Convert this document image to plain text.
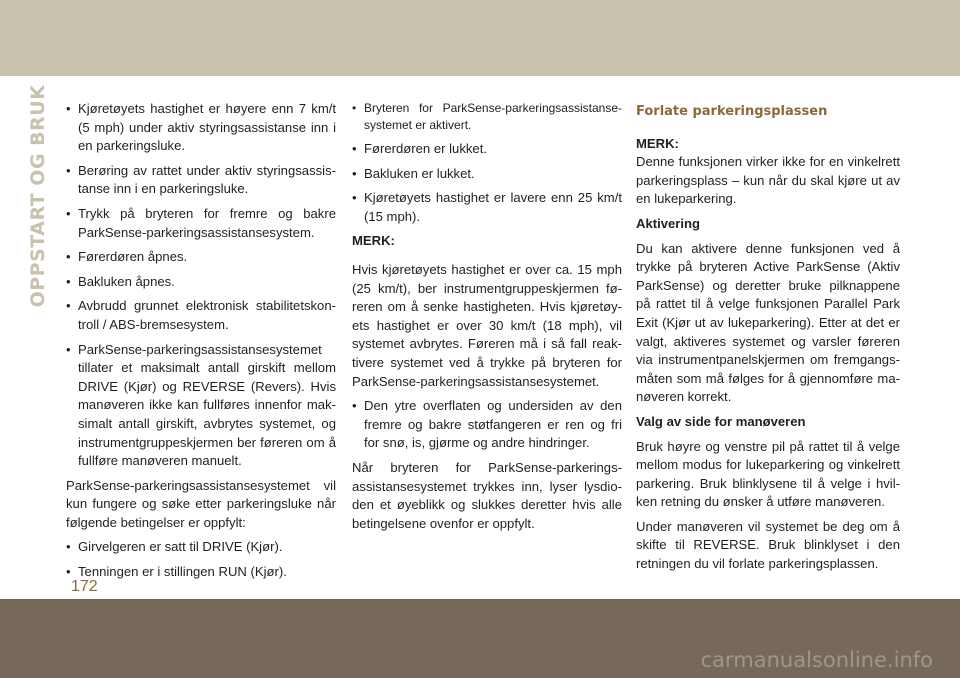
OPPSTART OG BRUK
•	Kjøretøyets hastighet er høyere enn 7 km/t (5 mph) under aktiv styringsassistanse inn i en parkeringsluke.
• Berøring av rattet under aktiv styringsassistanse inn i en parkeringsluke.
• Trykk på bryteren for fremre og bakre ParkSense-parkeringsassistansesystem.
• Førerdøren åpnes.
• Bakluken åpnes.
• Avbrudd grunnet elektronisk stabilitetskontroll / ABS-bremsesystem.
• ParkSense-parkeringsassistansesystemet tillater et maksimalt antall girskift mellom DRIVE (Kjør) og REVERSE (Revers). Hvis manøveren ikke kan fullføres innenfor maksimalt antall girskift, avbrytes systemet, og instrumentgruppeskjermen ber føreren om å fullføre manøveren manuelt.

ParkSense-parkeringsassistansesystemet vil kun fungere og søke etter parkeringsluke når følgende betingelser er oppfylt:

• Girvelgeren er satt til DRIVE (Kjør).
• Tenningen er i stillingen RUN (Kjør).
• Bryteren for ParkSense-parkeringsassistansesystemet er aktivert.
• Førerdøren er lukket.
• Bakluken er lukket.
• Kjøretøyets hastighet er lavere enn 25 km/t (15 mph).

MERK:

Hvis kjøretøyets hastighet er over ca. 15 mph (25 km/t), ber instrumentgruppeskjermen føreren om å senke hastigheten. Hvis kjøretøyets hastighet er over 30 km/t (18 mph), vil systemet avbrytes. Føreren må i så fall reaktivere systemet ved å trykke på bryteren for ParkSense-parkeringsassistansesystemet.

• Den ytre overflaten og undersiden av den fremre og bakre støtfangeren er ren og fri for snø, is, gjørme og andre hindringer.

Når bryteren for ParkSense-parkeringsassistansesystemet trykkes inn, lyser lysdioden et øyeblikk og slukkes deretter hvis alle betingelsene ovenfor er oppfylt.

Forlate parkeringsplassen

MERK:

Denne funksjonen virker ikke for en vinkelrett parkeringsplass – kun når du skal kjøre ut av en lukeparkering.

Aktivering

Du kan aktivere denne funksjonen ved å trykke på bryteren Active ParkSense (Aktiv ParkSense) og deretter bruke pilknappene på rattet til å velge funksjonen Parallel Park Exit (Kjør ut av lukeparkering). Etter at det er valgt, aktiveres systemet og varsler føreren via instrumentpanelskjermen om fremgangsmåten som må følges for å gjennomføre manøveren korrekt.

Valg av side for manøveren

Bruk høyre og venstre pil på rattet til å velge mellom modus for lukeparkering og vinkelrett parkering. Bruk blinklysene til å velge i hvilken retning du ønsker å utføre manøveren.

Under manøveren vil systemet be deg om å skifte til REVERSE. Bruk blinklyset i den retningen du vil forlate parkeringsplassen.

172
carmanualsonline.info
